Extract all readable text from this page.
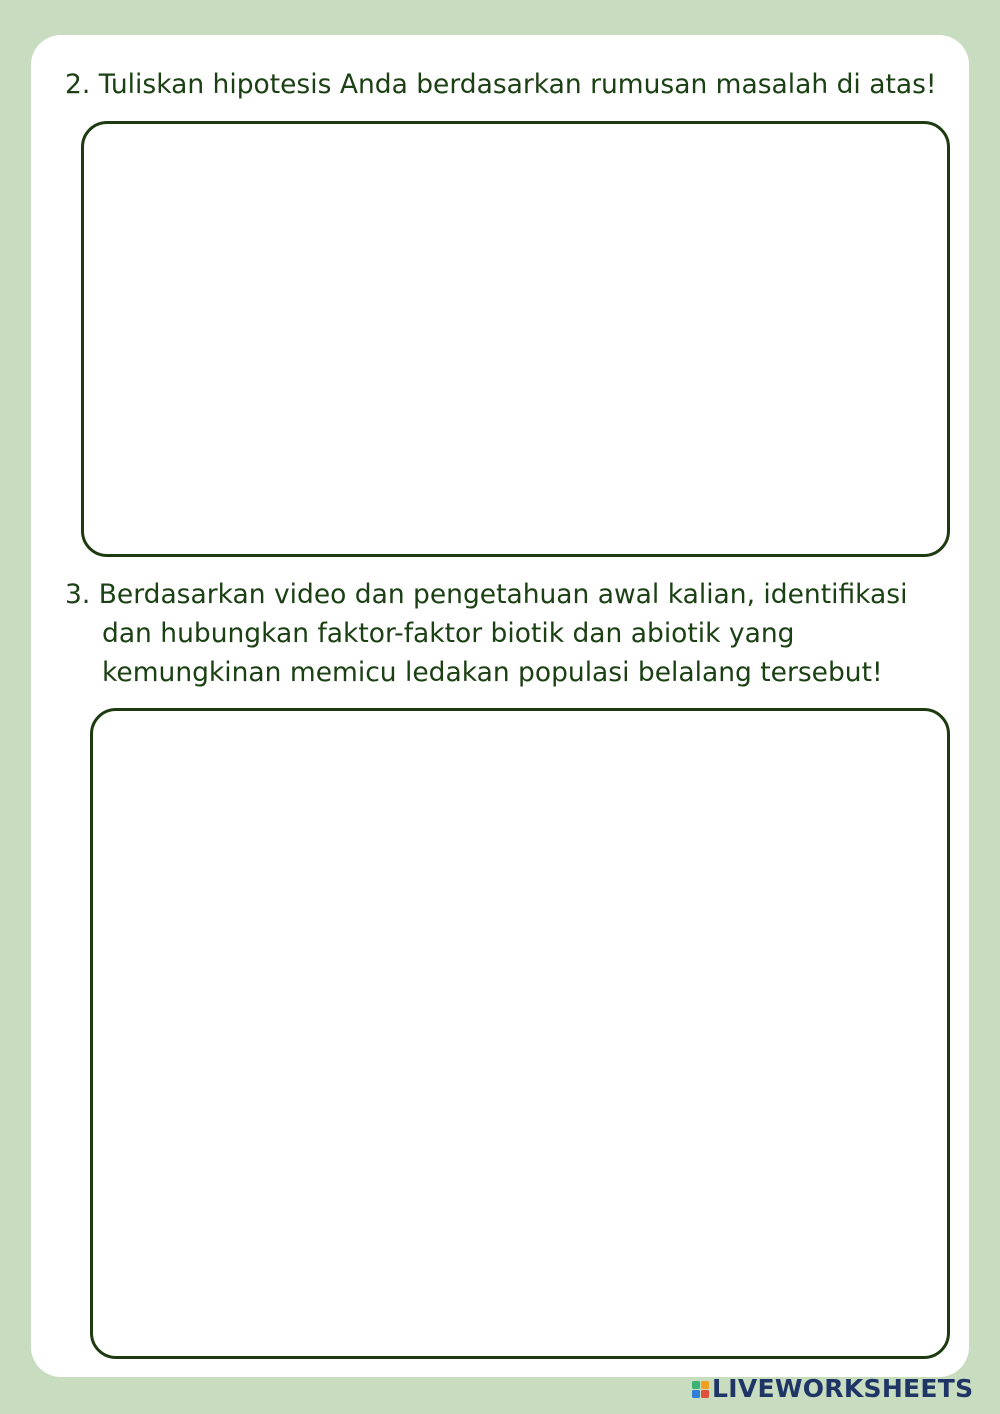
2. Tuliskan hipotesis Anda berdasarkan rumusan masalah di atas!

3. Berdasarkan video dan pengetahuan awal kalian, identifikasi
dan hubungkan faktor-faktor biotik dan abiotik yang
kemungkinan memicu ledakan populasi belalang tersebut!

LIVEWORKSHEETS
